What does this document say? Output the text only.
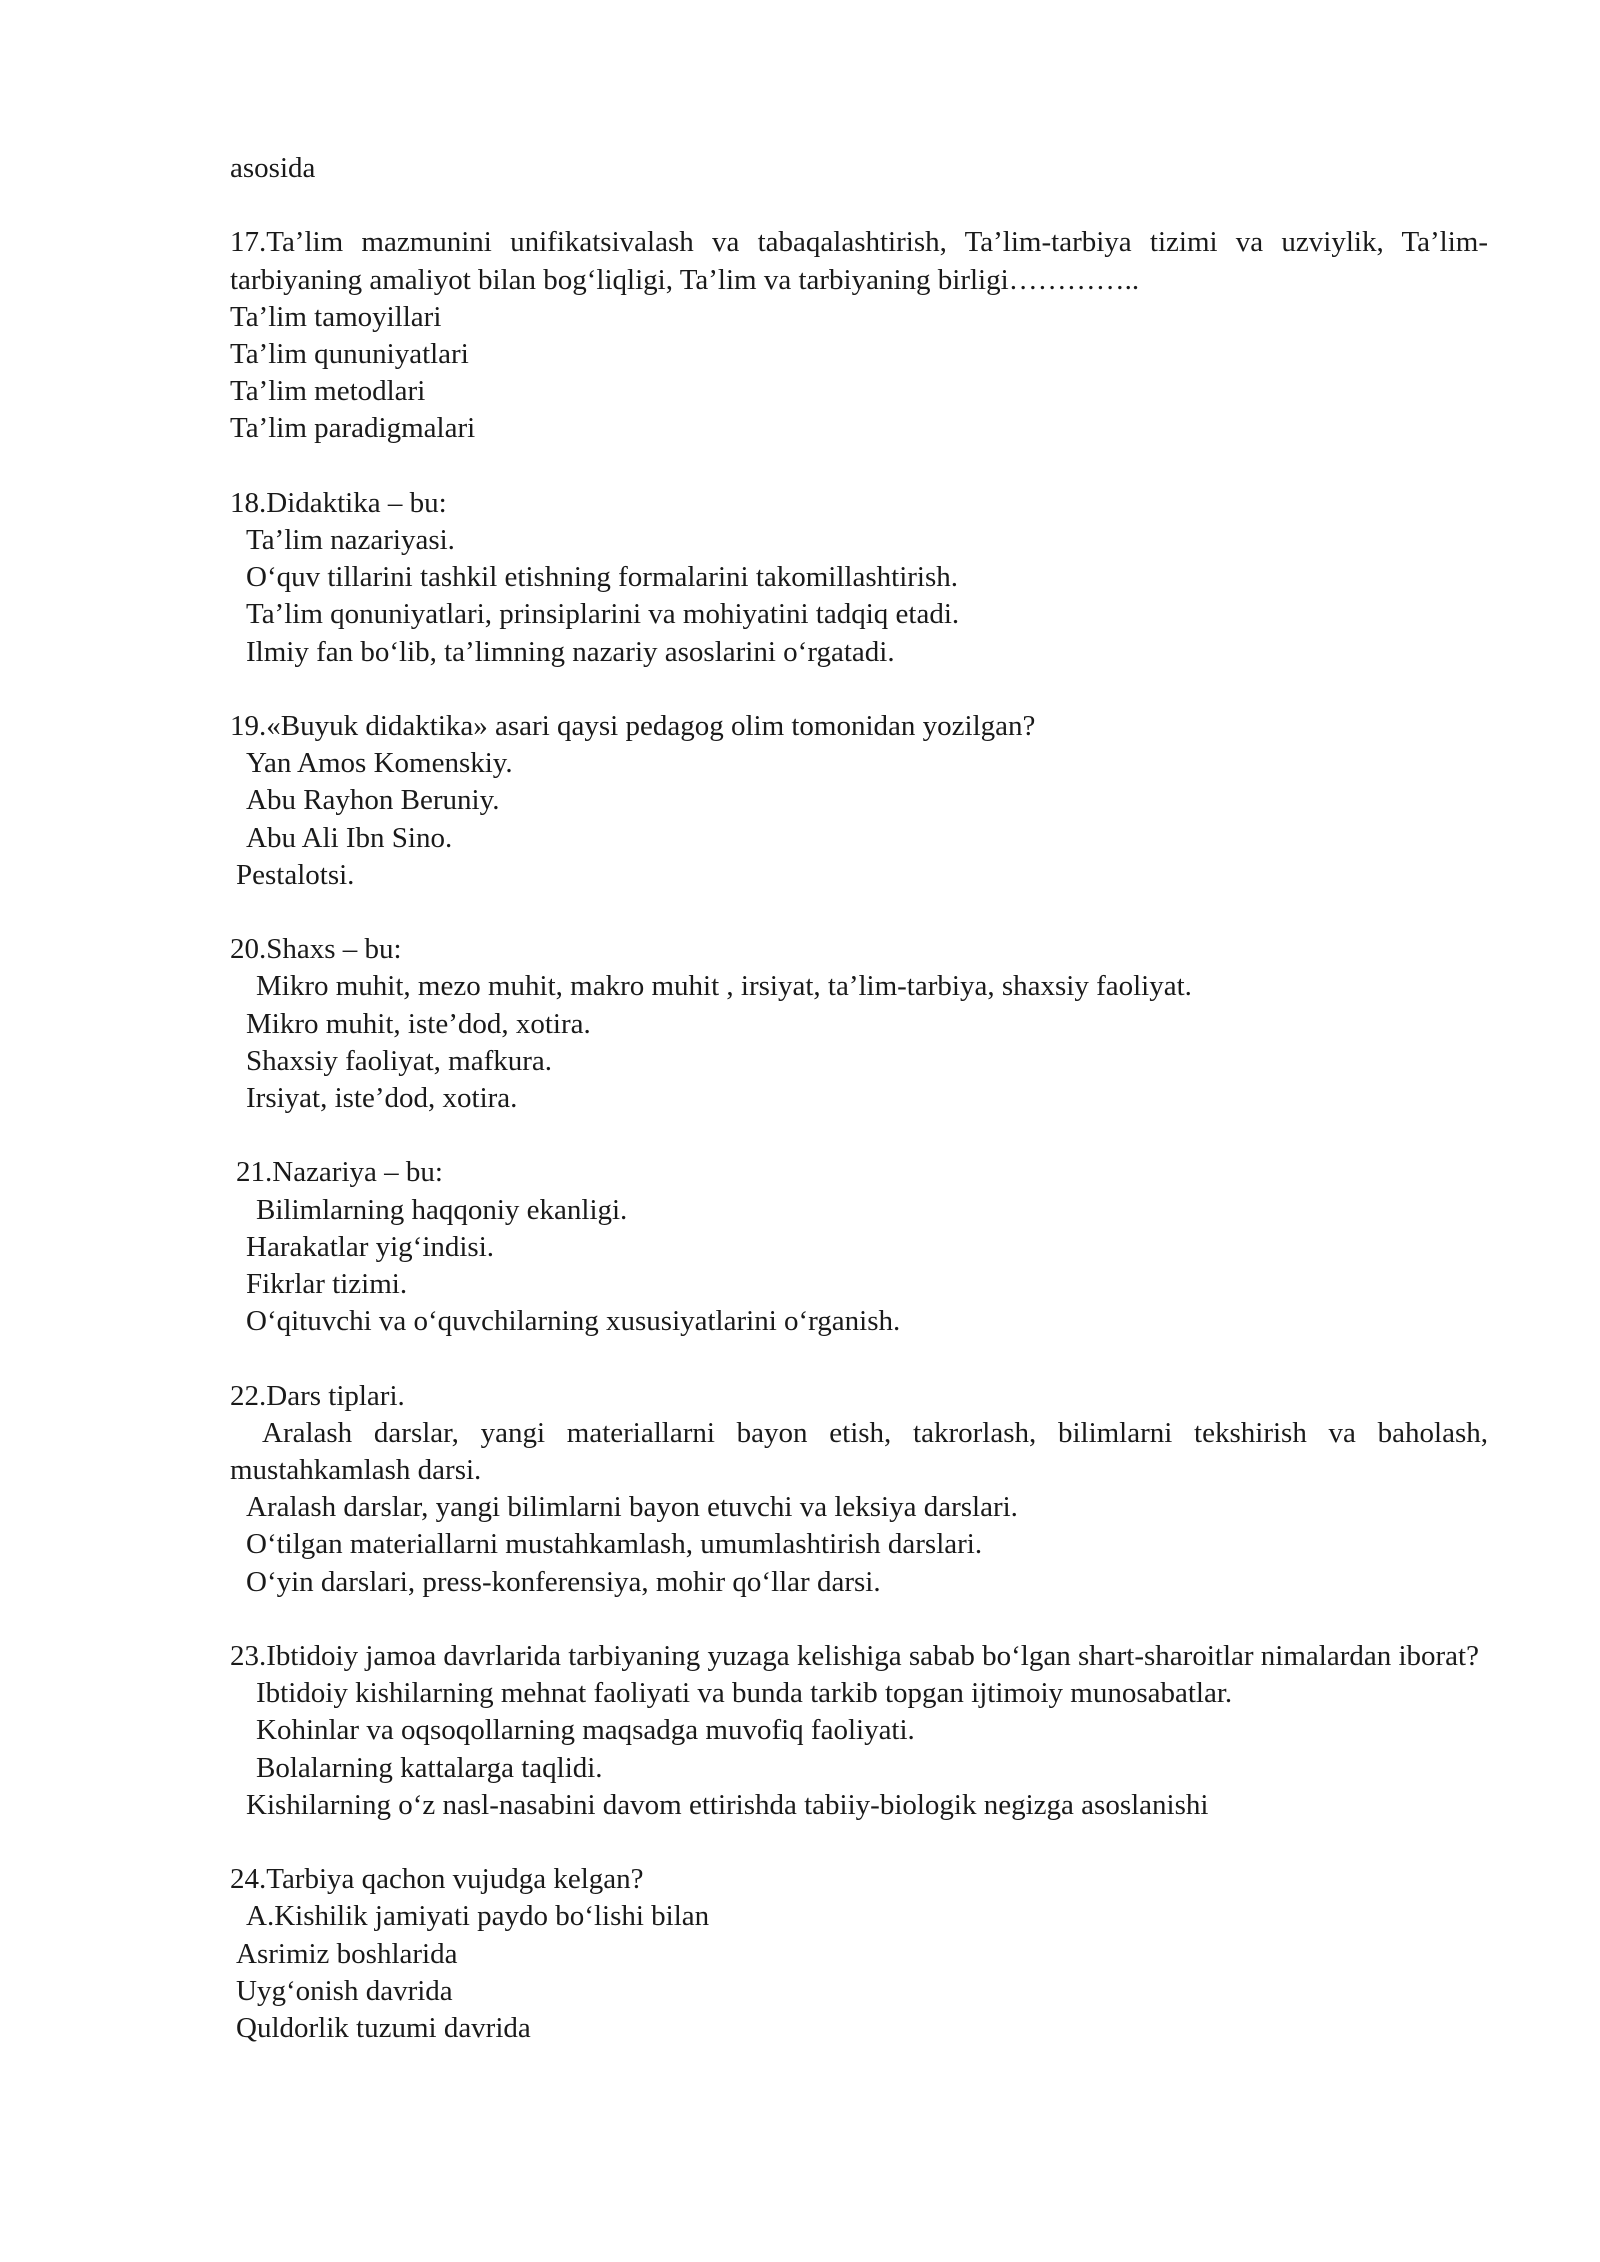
asosida
17.Ta’lim mazmunini unifikatsivalash va tabaqalashtirish, Ta’lim-tarbiya tizimi va uzviylik, Ta’lim-tarbiyaning amaliyot bilan bog‘liqligi, Ta’lim va tarbiyaning birligi…………..
Ta’lim tamoyillari
Ta’lim qununiyatlari
Ta’lim metodlari
Ta’lim paradigmalari
18.Didaktika – bu:
Ta’lim nazariyasi.
O‘quv tillarini tashkil etishning formalarini takomillashtirish.
Ta’lim qonuniyatlari, prinsiplarini va mohiyatini tadqiq etadi.
Ilmiy fan bo‘lib, ta’limning nazariy asoslarini o‘rgatadi.
19.«Buyuk didaktika» asari qaysi pedagog olim tomonidan yozilgan?
Yan Amos Komenskiy.
Abu Rayhon Beruniy.
Abu Ali Ibn Sino.
Pestalotsi.
20.Shaxs – bu:
Mikro muhit, mezo muhit, makro muhit , irsiyat, ta’lim-tarbiya, shaxsiy faoliyat.
Mikro muhit, iste’dod, xotira.
Shaxsiy faoliyat, mafkura.
Irsiyat, iste’dod, xotira.
21.Nazariya – bu:
Bilimlarning haqqoniy ekanligi.
Harakatlar yig‘indisi.
Fikrlar tizimi.
O‘qituvchi va o‘quvchilarning xususiyatlarini o‘rganish.
22.Dars tiplari.
Aralash darslar, yangi materiallarni bayon etish, takrorlash, bilimlarni tekshirish va baholash, mustahkamlash darsi.
Aralash darslar, yangi bilimlarni bayon etuvchi va leksiya darslari.
O‘tilgan materiallarni mustahkamlash, umumlashtirish darslari.
O‘yin darslari, press-konferensiya, mohir qo‘llar darsi.
23.Ibtidoiy jamoa davrlarida tarbiyaning yuzaga kelishiga sabab bo‘lgan shart-sharoitlar nimalardan iborat?
Ibtidoiy kishilarning mehnat faoliyati va bunda tarkib topgan ijtimoiy munosabatlar.
Kohinlar va oqsoqollarning maqsadga muvofiq faoliyati.
Bolalarning kattalarga taqlidi.
Kishilarning o‘z nasl-nasabini davom ettirishda tabiiy-biologik negizga asoslanishi
24.Tarbiya qachon vujudga kelgan?
A.Kishilik jamiyati paydo bo‘lishi bilan
Asrimiz boshlarida
Uyg‘onish davrida
Quldorlik tuzumi davrida
